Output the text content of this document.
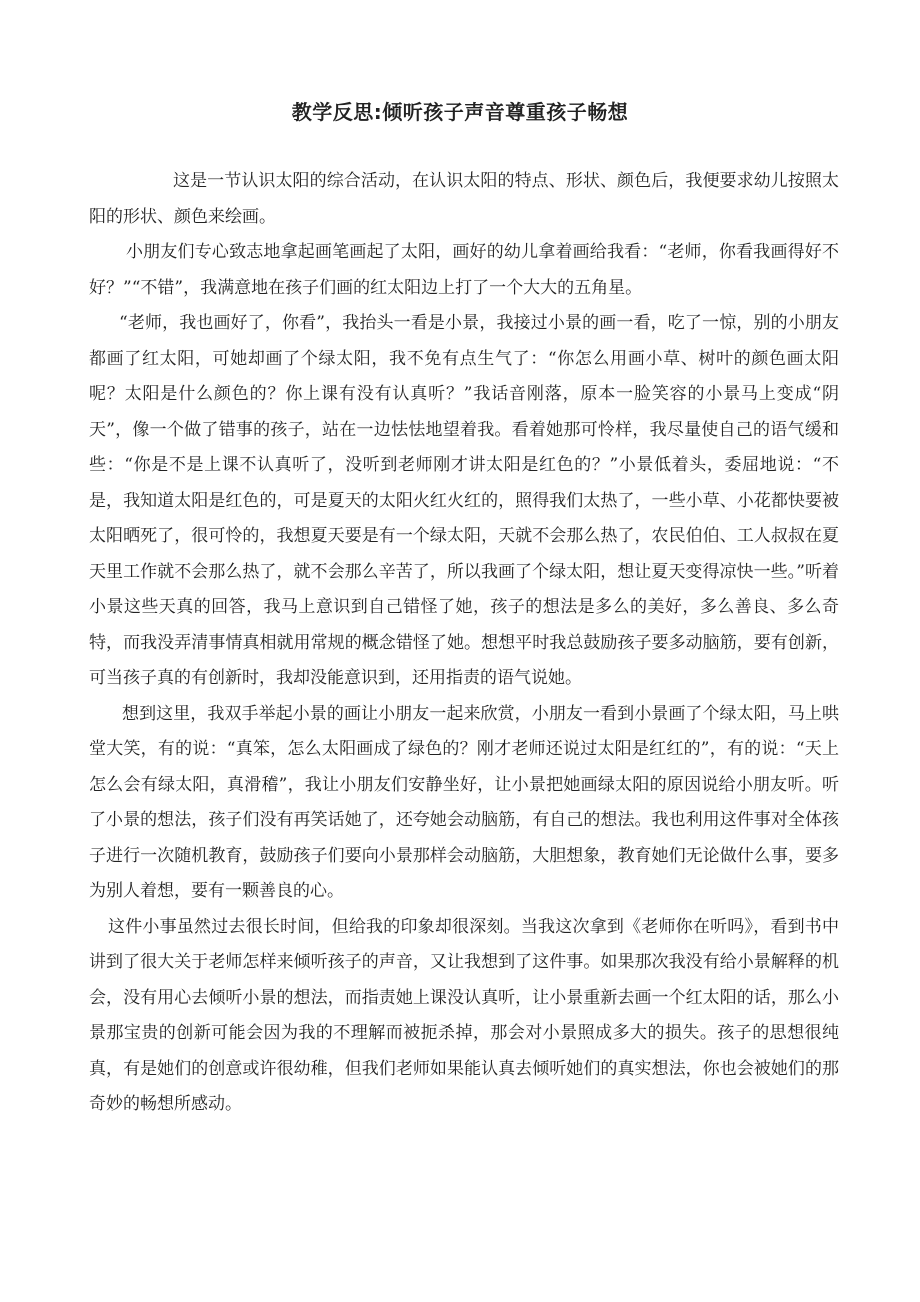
教学反思:倾听孩子声音尊重孩子畅想

这是一节认识太阳的综合活动，在认识太阳的特点、形状、颜色后，我便要求幼儿按照太阳的形状、颜色来绘画。

小朋友们专心致志地拿起画笔画起了太阳，画好的幼儿拿着画给我看：“老师，你看我画得好不好？”“不错”，我满意地在孩子们画的红太阳边上打了一个大大的五角星。

“老师，我也画好了，你看”，我抬头一看是小景，我接过小景的画一看，吃了一惊，别的小朋友都画了红太阳，可她却画了个绿太阳，我不免有点生气了：“你怎么用画小草、树叶的颜色画太阳呢？太阳是什么颜色的？你上课有没有认真听？”我话音刚落，原本一脸笑容的小景马上变成“阴天”，像一个做了错事的孩子，站在一边怯怯地望着我。看着她那可怜样，我尽量使自己的语气缓和些：“你是不是上课不认真听了，没听到老师刚才讲太阳是红色的？”小景低着头，委屈地说：“不是，我知道太阳是红色的，可是夏天的太阳火红火红的，照得我们太热了，一些小草、小花都快要被太阳晒死了，很可怜的，我想夏天要是有一个绿太阳，天就不会那么热了，农民伯伯、工人叔叔在夏天里工作就不会那么热了，就不会那么辛苦了，所以我画了个绿太阳，想让夏天变得凉快一些。”听着小景这些天真的回答，我马上意识到自己错怪了她，孩子的想法是多么的美好，多么善良、多么奇特，而我没弄清事情真相就用常规的概念错怪了她。想想平时我总鼓励孩子要多动脑筋，要有创新，可当孩子真的有创新时，我却没能意识到，还用指责的语气说她。

想到这里，我双手举起小景的画让小朋友一起来欣赏，小朋友一看到小景画了个绿太阳，马上哄堂大笑，有的说：“真笨，怎么太阳画成了绿色的？刚才老师还说过太阳是红红的”，有的说：“天上怎么会有绿太阳，真滑稽”，我让小朋友们安静坐好，让小景把她画绿太阳的原因说给小朋友听。听了小景的想法，孩子们没有再笑话她了，还夸她会动脑筋，有自己的想法。我也利用这件事对全体孩子进行一次随机教育，鼓励孩子们要向小景那样会动脑筋，大胆想象，教育她们无论做什么事，要多为别人着想，要有一颗善良的心。

这件小事虽然过去很长时间，但给我的印象却很深刻。当我这次拿到《老师你在听吗》，看到书中讲到了很大关于老师怎样来倾听孩子的声音，又让我想到了这件事。如果那次我没有给小景解释的机会，没有用心去倾听小景的想法，而指责她上课没认真听，让小景重新去画一个红太阳的话，那么小景那宝贵的创新可能会因为我的不理解而被扼杀掉，那会对小景照成多大的损失。孩子的思想很纯真，有是她们的创意或许很幼稚，但我们老师如果能认真去倾听她们的真实想法，你也会被她们的那奇妙的畅想所感动。
